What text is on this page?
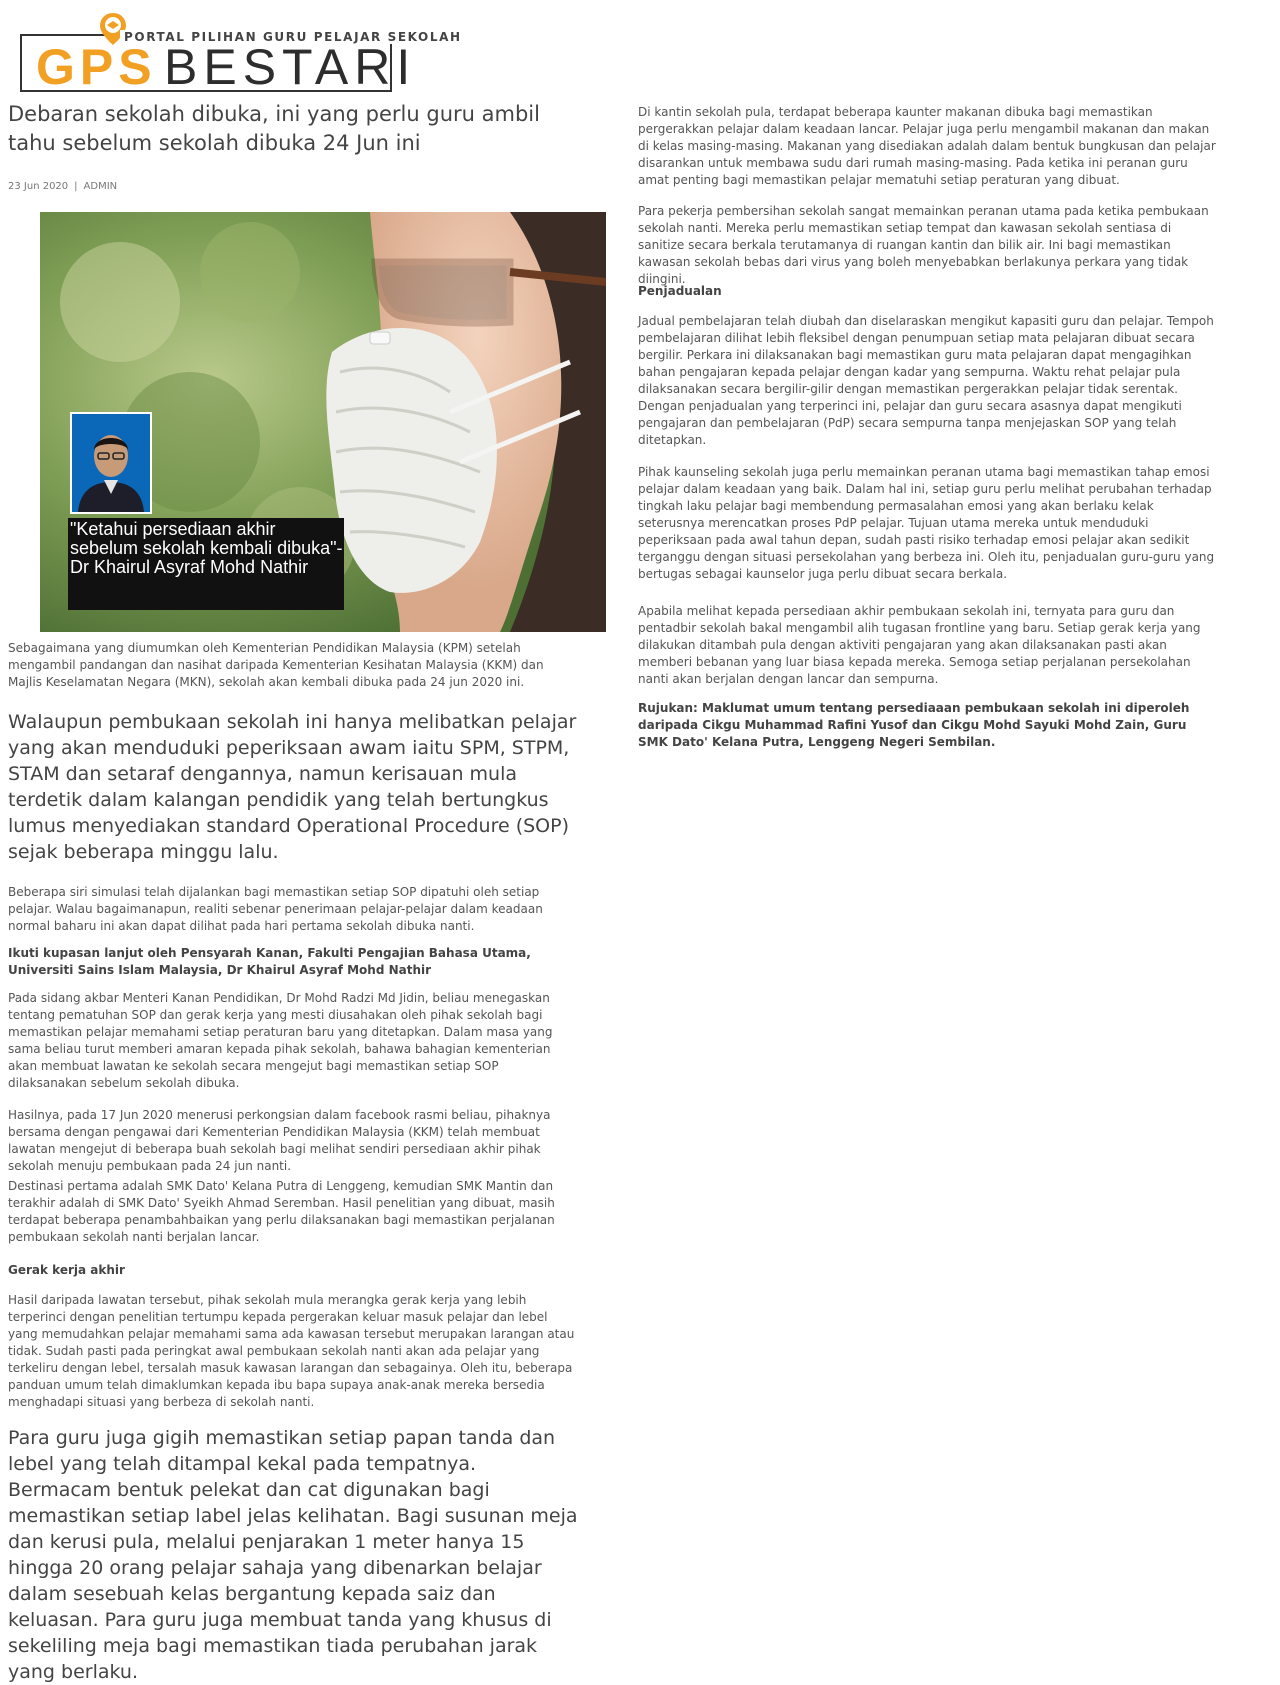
PORTAL PILIHAN GURU PELAJAR SEKOLAH
GPS BESTARI
Debaran sekolah dibuka, ini yang perlu guru ambil tahu sebelum sekolah dibuka 24 Jun ini
23 Jun 2020 | ADMIN
"Ketahui persediaan akhir sebelum sekolah kembali dibuka"- Dr Khairul Asyraf Mohd Nathir

Sebagaimana yang diumumkan oleh Kementerian Pendidikan Malaysia (KPM) setelah mengambil pandangan dan nasihat daripada Kementerian Kesihatan Malaysia (KKM) dan Majlis Keselamatan Negara (MKN), sekolah akan kembali dibuka pada 24 jun 2020 ini.

Walaupun pembukaan sekolah ini hanya melibatkan pelajar yang akan menduduki peperiksaan awam iaitu SPM, STPM, STAM dan setaraf dengannya, namun kerisauan mula terdetik dalam kalangan pendidik yang telah bertungkus lumus menyediakan standard Operational Procedure (SOP) sejak beberapa minggu lalu.

Beberapa siri simulasi telah dijalankan bagi memastikan setiap SOP dipatuhi oleh setiap pelajar. Walau bagaimanapun, realiti sebenar penerimaan pelajar-pelajar dalam keadaan normal baharu ini akan dapat dilihat pada hari pertama sekolah dibuka nanti.

Ikuti kupasan lanjut oleh Pensyarah Kanan, Fakulti Pengajian Bahasa Utama, Universiti Sains Islam Malaysia, Dr Khairul Asyraf Mohd Nathir

Pada sidang akbar Menteri Kanan Pendidikan, Dr Mohd Radzi Md Jidin, beliau menegaskan tentang pematuhan SOP dan gerak kerja yang mesti diusahakan oleh pihak sekolah bagi memastikan pelajar memahami setiap peraturan baru yang ditetapkan. Dalam masa yang sama beliau turut memberi amaran kepada pihak sekolah, bahawa bahagian kementerian akan membuat lawatan ke sekolah secara mengejut bagi memastikan setiap SOP dilaksanakan sebelum sekolah dibuka.

Hasilnya, pada 17 Jun 2020 menerusi perkongsian dalam facebook rasmi beliau, pihaknya bersama dengan pengawai dari Kementerian Pendidikan Malaysia (KKM) telah membuat lawatan mengejut di beberapa buah sekolah bagi melihat sendiri persediaan akhir pihak sekolah menuju pembukaan pada 24 jun nanti.

Destinasi pertama adalah SMK Dato' Kelana Putra di Lenggeng, kemudian SMK Mantin dan terakhir adalah di SMK Dato' Syeikh Ahmad Seremban. Hasil penelitian yang dibuat, masih terdapat beberapa penambahbaikan yang perlu dilaksanakan bagi memastikan perjalanan pembukaan sekolah nanti berjalan lancar.

Gerak kerja akhir

Hasil daripada lawatan tersebut, pihak sekolah mula merangka gerak kerja yang lebih terperinci dengan penelitian tertumpu kepada pergerakan keluar masuk pelajar dan lebel yang memudahkan pelajar memahami sama ada kawasan tersebut merupakan larangan atau tidak. Sudah pasti pada peringkat awal pembukaan sekolah nanti akan ada pelajar yang terkeliru dengan lebel, tersalah masuk kawasan larangan dan sebagainya. Oleh itu, beberapa panduan umum telah dimaklumkan kepada ibu bapa supaya anak-anak mereka bersedia menghadapi situasi yang berbeza di sekolah nanti.

Para guru juga gigih memastikan setiap papan tanda dan lebel yang telah ditampal kekal pada tempatnya. Bermacam bentuk pelekat dan cat digunakan bagi memastikan setiap label jelas kelihatan. Bagi susunan meja dan kerusi pula, melalui penjarakan 1 meter hanya 15 hingga 20 orang pelajar sahaja yang dibenarkan belajar dalam sesebuah kelas bergantung kepada saiz dan keluasan. Para guru juga membuat tanda yang khusus di sekeliling meja bagi memastikan tiada perubahan jarak yang berlaku.

Di kantin sekolah pula, terdapat beberapa kaunter makanan dibuka bagi memastikan pergerakkan pelajar dalam keadaan lancar. Pelajar juga perlu mengambil makanan dan makan di kelas masing-masing. Makanan yang disediakan adalah dalam bentuk bungkusan dan pelajar disarankan untuk membawa sudu dari rumah masing-masing. Pada ketika ini peranan guru amat penting bagi memastikan pelajar mematuhi setiap peraturan yang dibuat.

Para pekerja pembersihan sekolah sangat memainkan peranan utama pada ketika pembukaan sekolah nanti. Mereka perlu memastikan setiap tempat dan kawasan sekolah sentiasa di sanitize secara berkala terutamanya di ruangan kantin dan bilik air. Ini bagi memastikan kawasan sekolah bebas dari virus yang boleh menyebabkan berlakunya perkara yang tidak diingini.

Penjadualan

Jadual pembelajaran telah diubah dan diselaraskan mengikut kapasiti guru dan pelajar. Tempoh pembelajaran dilihat lebih fleksibel dengan penumpuan setiap mata pelajaran dibuat secara bergilir. Perkara ini dilaksanakan bagi memastikan guru mata pelajaran dapat mengagihkan bahan pengajaran kepada pelajar dengan kadar yang sempurna. Waktu rehat pelajar pula dilaksanakan secara bergilir-gilir dengan memastikan pergerakkan pelajar tidak serentak. Dengan penjadualan yang terperinci ini, pelajar dan guru secara asasnya dapat mengikuti pengajaran dan pembelajaran (PdP) secara sempurna tanpa menjejaskan SOP yang telah ditetapkan.

Pihak kaunseling sekolah juga perlu memainkan peranan utama bagi memastikan tahap emosi pelajar dalam keadaan yang baik. Dalam hal ini, setiap guru perlu melihat perubahan terhadap tingkah laku pelajar bagi membendung permasalahan emosi yang akan berlaku kelak seterusnya merencatkan proses PdP pelajar. Tujuan utama mereka untuk menduduki peperiksaan pada awal tahun depan, sudah pasti risiko terhadap emosi pelajar akan sedikit terganggu dengan situasi persekolahan yang berbeza ini. Oleh itu, penjadualan guru-guru yang bertugas sebagai kaunselor juga perlu dibuat secara berkala.

Apabila melihat kepada persediaan akhir pembukaan sekolah ini, ternyata para guru dan pentadbir sekolah bakal mengambil alih tugasan frontline yang baru. Setiap gerak kerja yang dilakukan ditambah pula dengan aktiviti pengajaran yang akan dilaksanakan pasti akan memberi bebanan yang luar biasa kepada mereka. Semoga setiap perjalanan persekolahan nanti akan berjalan dengan lancar dan sempurna.

Rujukan: Maklumat umum tentang persediaaan pembukaan sekolah ini diperoleh daripada Cikgu Muhammad Rafini Yusof dan Cikgu Mohd Sayuki Mohd Zain, Guru SMK Dato' Kelana Putra, Lenggeng Negeri Sembilan.
